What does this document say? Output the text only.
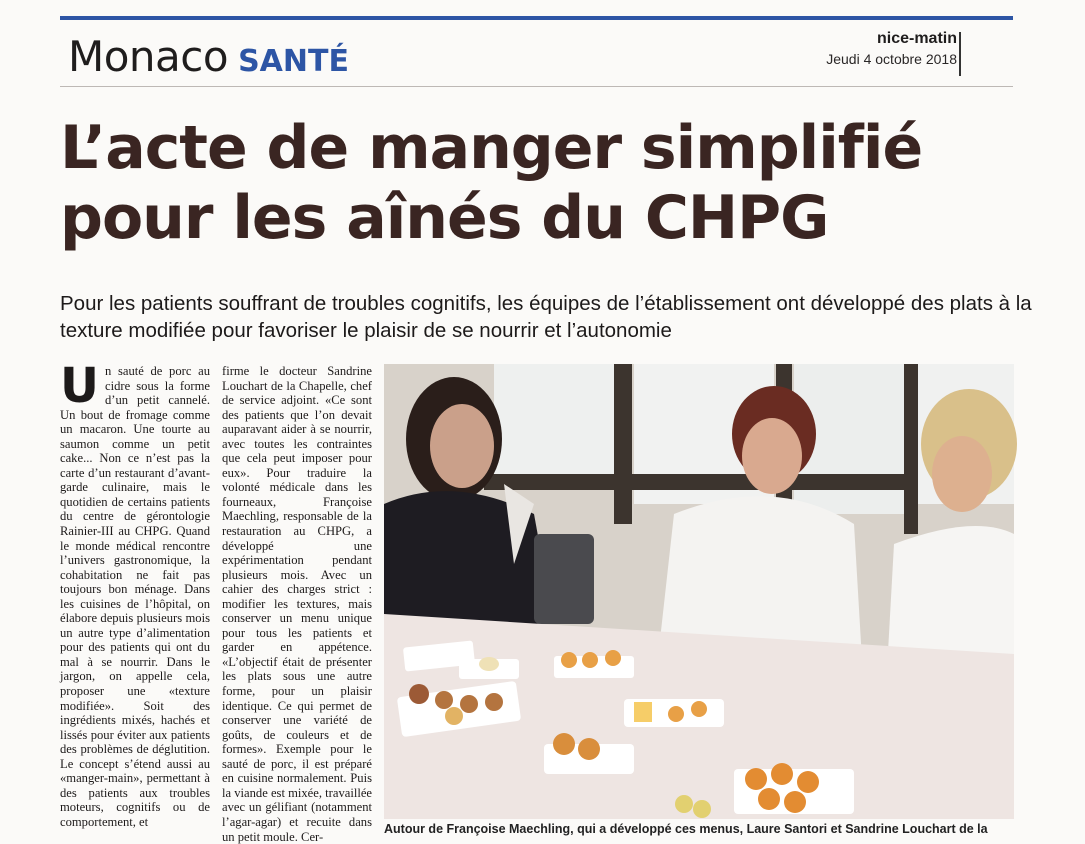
Monaco SANTÉ
nice-matin
Jeudi 4 octobre 2018
L’acte de manger simplifié
pour les aînés du CHPG

Pour les patients souffrant de troubles cognitifs, les équipes de l’établissement ont développé des plats à la texture modifiée pour favoriser le plaisir de se nourrir et l’autonomie

U n sauté de porc au cidre sous la forme d’un petit cannelé. Un bout de fromage comme un macaron. Une tourte au saumon comme un petit cake... Non ce n’est pas la carte d’un restaurant d’avant-garde culinaire, mais le quotidien de certains patients du centre de gérontologie Rainier-III au CHPG. Quand le monde médical rencontre l’univers gastronomique, la cohabitation ne fait pas toujours bon ménage. Dans les cuisines de l’hôpital, on élabore depuis plusieurs mois un autre type d’alimentation pour des patients qui ont du mal à se nourrir. Dans le jargon, on appelle cela, proposer une «texture modifiée». Soit des ingrédients mixés, hachés et lissés pour éviter aux patients des problèmes de déglutition. Le concept s’étend aussi au «manger-main», permettant à des patients aux troubles moteurs, cognitifs ou de comportement, et

firme le docteur Sandrine Louchart de la Chapelle, chef de service adjoint. «Ce sont des patients que l’on devait auparavant aider à se nourrir, avec toutes les contraintes que cela peut imposer pour eux». Pour traduire la volonté médicale dans les fourneaux, Françoise Maechling, responsable de la restauration au CHPG, a développé une expérimentation pendant plusieurs mois. Avec un cahier des charges strict : modifier les textures, mais conserver un menu unique pour tous les patients et garder en appétence. «L’objectif était de présenter les plats sous une autre forme, pour un plaisir identique. Ce qui permet de conserver une variété de goûts, de couleurs et de formes». Exemple pour le sauté de porc, il est préparé en cuisine normalement. Puis la viande est mixée, travaillée avec un gélifiant (notamment l’agar-agar) et recuite dans un petit moule. Cer-

Autour de Françoise Maechling, qui a développé ces menus, Laure Santori et Sandrine Louchart de la
